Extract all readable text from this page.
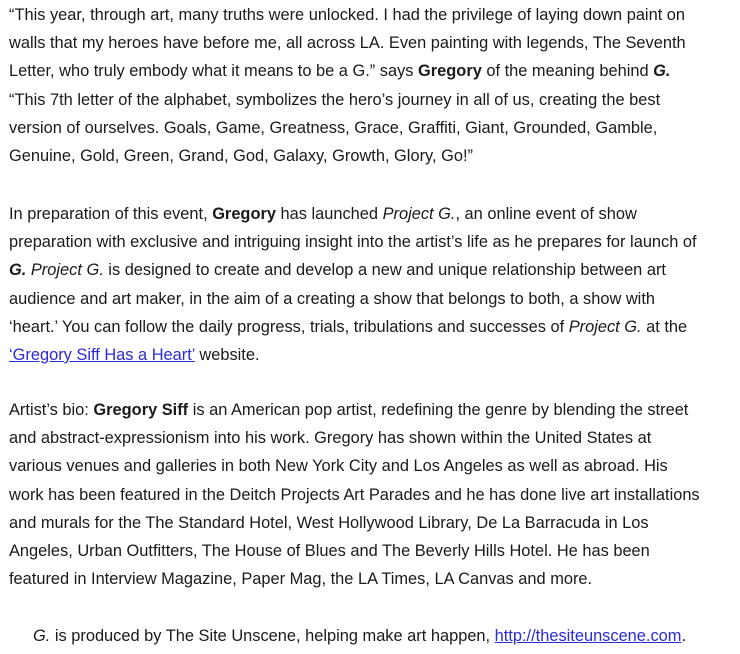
“This year, through art, many truths were unlocked. I had the privilege of laying down paint on
walls that my heroes have before me, all across LA. Even painting with legends, The Seventh
Letter, who truly embody what it means to be a G.” says Gregory of the meaning behind G.
“This 7th letter of the alphabet, symbolizes the hero’s journey in all of us, creating the best
version of ourselves. Goals, Game, Greatness, Grace, Graffiti, Giant, Grounded, Gamble,
Genuine, Gold, Green, Grand, God, Galaxy, Growth, Glory, Go!”

In preparation of this event, Gregory has launched Project G., an online event of show
preparation with exclusive and intriguing insight into the artist’s life as he prepares for launch of
G. Project G. is designed to create and develop a new and unique relationship between art
audience and art maker, in the aim of a creating a show that belongs to both, a show with
‘heart.’ You can follow the daily progress, trials, tribulations and successes of Project G. at the
‘Gregory Siff Has a Heart’ website.

Artist’s bio: Gregory Siff is an American pop artist, redefining the genre by blending the street
and abstract-expressionism into his work. Gregory has shown within the United States at
various venues and galleries in both New York City and Los Angeles as well as abroad. His
work has been featured in the Deitch Projects Art Parades and he has done live art installations
and murals for the The Standard Hotel, West Hollywood Library, De La Barracuda in Los
Angeles, Urban Outfitters, The House of Blues and The Beverly Hills Hotel. He has been
featured in Interview Magazine, Paper Mag, the LA Times, LA Canvas and more.

G. is produced by The Site Unscene, helping make art happen, http://thesiteunscene.com.
